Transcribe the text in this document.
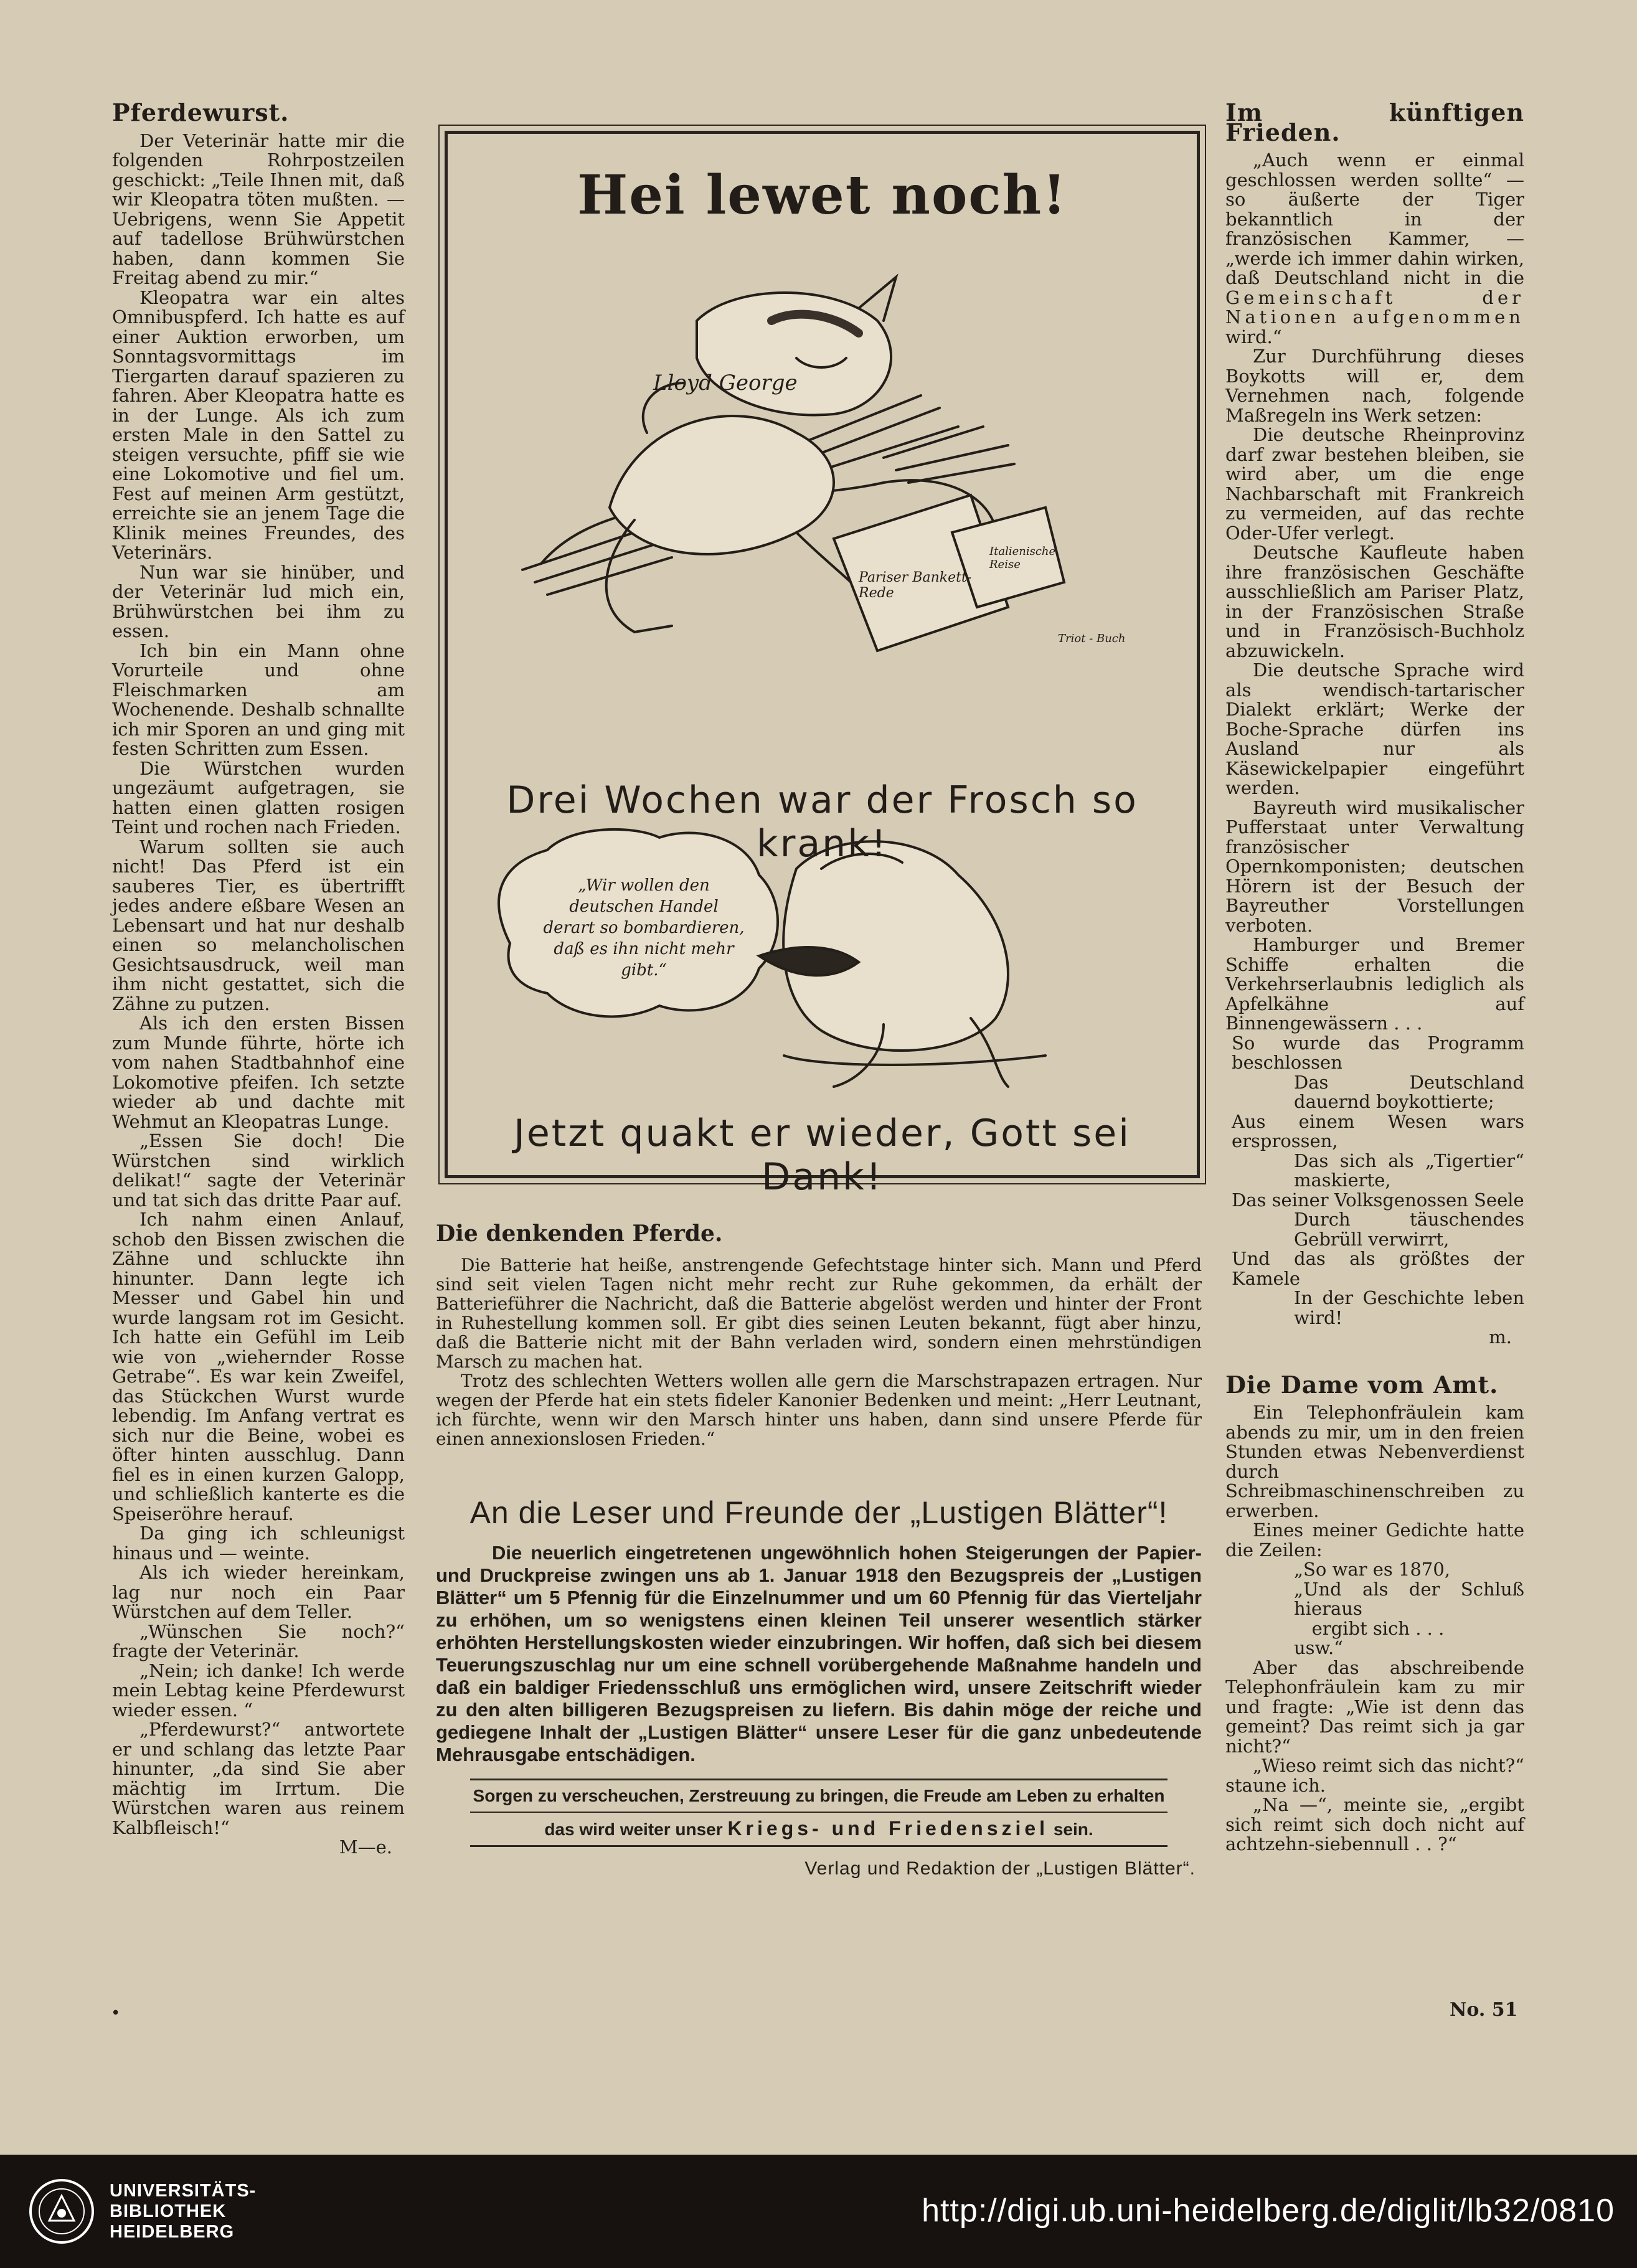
Pferdewurst.

Der Veterinär hatte mir die folgenden Rohrpostzeilen geschickt: „Teile Ihnen mit, daß wir Kleopatra töten mußten. — Uebrigens, wenn Sie Appetit auf tadellose Brühwürstchen haben, dann kommen Sie Freitag abend zu mir.“

Kleopatra war ein altes Omnibuspferd. Ich hatte es auf einer Auktion erworben, um Sonntagsvormittags im Tiergarten darauf spazieren zu fahren. Aber Kleopatra hatte es in der Lunge. Als ich zum ersten Male in den Sattel zu steigen versuchte, pfiff sie wie eine Lokomotive und fiel um. Fest auf meinen Arm gestützt, erreichte sie an jenem Tage die Klinik meines Freundes, des Veterinärs.

Nun war sie hinüber, und der Veterinär lud mich ein, Brühwürstchen bei ihm zu essen.

Ich bin ein Mann ohne Vorurteile und ohne Fleischmarken am Wochenende. Deshalb schnallte ich mir Sporen an und ging mit festen Schritten zum Essen.

Die Würstchen wurden ungezäumt aufgetragen, sie hatten einen glatten rosigen Teint und rochen nach Frieden.

Warum sollten sie auch nicht! Das Pferd ist ein sauberes Tier, es übertrifft jedes andere eßbare Wesen an Lebensart und hat nur deshalb einen so melancholischen Gesichtsausdruck, weil man ihm nicht gestattet, sich die Zähne zu putzen.

Als ich den ersten Bissen zum Munde führte, hörte ich vom nahen Stadtbahnhof eine Lokomotive pfeifen. Ich setzte wieder ab und dachte mit Wehmut an Kleopatras Lunge.

„Essen Sie doch! Die Würstchen sind wirklich delikat!“ sagte der Veterinär und tat sich das dritte Paar auf.

Ich nahm einen Anlauf, schob den Bissen zwischen die Zähne und schluckte ihn hinunter. Dann legte ich Messer und Gabel hin und wurde langsam rot im Gesicht. Ich hatte ein Gefühl im Leib wie von „wiehernder Rosse Getrabe“. Es war kein Zweifel, das Stückchen Wurst wurde lebendig. Im Anfang vertrat es sich nur die Beine, wobei es öfter hinten ausschlug. Dann fiel es in einen kurzen Galopp, und schließlich kanterte es die Speiseröhre herauf.

Da ging ich schleunigst hinaus und — weinte.

Als ich wieder hereinkam, lag nur noch ein Paar Würstchen auf dem Teller.

„Wünschen Sie noch?“ fragte der Veterinär.

„Nein; ich danke! Ich werde mein Lebtag keine Pferdewurst wieder essen. “

„Pferdewurst?“ antwortete er und schlang das letzte Paar hinunter, „da sind Sie aber mächtig im Irrtum. Die Würstchen waren aus reinem Kalbfleisch!“

M—e.
Hei lewet noch!
Lloyd George
Pariser Bankett-Rede
Italienische Reise
Triot - Buch
Drei Wochen war der Frosch so krank!
„Wir wollen den deutschen Handel derart so bombardieren, daß es ihn nicht mehr gibt.“
Jetzt quakt er wieder, Gott sei Dank!
Die denkenden Pferde.

Die Batterie hat heiße, anstrengende Gefechtstage hinter sich. Mann und Pferd sind seit vielen Tagen nicht mehr recht zur Ruhe gekommen, da erhält der Batterieführer die Nachricht, daß die Batterie abgelöst werden und hinter der Front in Ruhestellung kommen soll. Er gibt dies seinen Leuten bekannt, fügt aber hinzu, daß die Batterie nicht mit der Bahn verladen wird, sondern einen mehrstündigen Marsch zu machen hat.

Trotz des schlechten Wetters wollen alle gern die Marschstrapazen ertragen. Nur wegen der Pferde hat ein stets fideler Kanonier Bedenken und meint: „Herr Leutnant, ich fürchte, wenn wir den Marsch hinter uns haben, dann sind unsere Pferde für einen annexionslosen Frieden.“

An die Leser und Freunde der „Lustigen Blätter“!

Die neuerlich eingetretenen ungewöhnlich hohen Steigerungen der Papier- und Druckpreise zwingen uns ab 1. Januar 1918 den Bezugspreis der „Lustigen Blätter“ um 5 Pfennig für die Einzelnummer und um 60 Pfennig für das Vierteljahr zu erhöhen, um so wenigstens einen kleinen Teil unserer wesentlich stärker erhöhten Herstellungskosten wieder einzubringen. Wir hoffen, daß sich bei diesem Teuerungszuschlag nur um eine schnell vorübergehende Maßnahme handeln und daß ein baldiger Friedensschluß uns ermöglichen wird, unsere Zeitschrift wieder zu den alten billigeren Bezugspreisen zu liefern. Bis dahin möge der reiche und gediegene Inhalt der „Lustigen Blätter“ unsere Leser für die ganz unbedeutende Mehrausgabe entschädigen.

Sorgen zu verscheuchen, Zerstreuung zu bringen, die Freude am Leben zu erhalten
das wird weiter unser Kriegs- und Friedensziel sein.
Verlag und Redaktion der „Lustigen Blätter“.
Im künftigen Frieden.

„Auch wenn er einmal geschlossen werden sollte“ — so äußerte der Tiger bekanntlich in der französischen Kammer, — „werde ich immer dahin wirken, daß Deutschland nicht in die Gemeinschaft der Nationen aufgenommen wird.“

Zur Durchführung dieses Boykotts will er, dem Vernehmen nach, folgende Maßregeln ins Werk setzen:

Die deutsche Rheinprovinz darf zwar bestehen bleiben, sie wird aber, um die enge Nachbarschaft mit Frankreich zu vermeiden, auf das rechte Oder-Ufer verlegt.

Deutsche Kaufleute haben ihre französischen Geschäfte ausschließlich am Pariser Platz, in der Französischen Straße und in Französisch-Buchholz abzuwickeln.

Die deutsche Sprache wird als wendisch-tartarischer Dialekt erklärt; Werke der Boche-Sprache dürfen ins Ausland nur als Käsewickelpapier eingeführt werden.

Bayreuth wird musikalischer Pufferstaat unter Verwaltung französischer Opernkomponisten; deutschen Hörern ist der Besuch der Bayreuther Vorstellungen verboten.

Hamburger und Bremer Schiffe erhalten die Verkehrserlaubnis lediglich als Apfelkähne auf Binnengewässern . . .

So wurde das Programm beschlossen
Das Deutschland dauernd boykottierte;
Aus einem Wesen wars ersprossen,
Das sich als „Tigertier“ maskierte,
Das seiner Volksgenossen Seele
Durch täuschendes Gebrüll verwirrt,
Und das als größtes der Kamele
In der Geschichte leben wird!
m.
Die Dame vom Amt.

Ein Telephonfräulein kam abends zu mir, um in den freien Stunden etwas Nebenverdienst durch Schreibmaschinenschreiben zu erwerben.

Eines meiner Gedichte hatte die Zeilen:

„So war es 1870,
„Und als der Schluß hieraus
ergibt sich . . .
usw.“

Aber das abschreibende Telephonfräulein kam zu mir und fragte: „Wie ist denn das gemeint? Das reimt sich ja gar nicht?“

„Wieso reimt sich das nicht?“ staune ich.

„Na —“, meinte sie, „ergibt sich reimt sich doch nicht auf achtzehn-siebennull . . ?“

•	No. 51
UNIVERSITÄTS-
BIBLIOTHEK
HEIDELBERG
http://digi.ub.uni-heidelberg.de/diglit/lb32/0810
